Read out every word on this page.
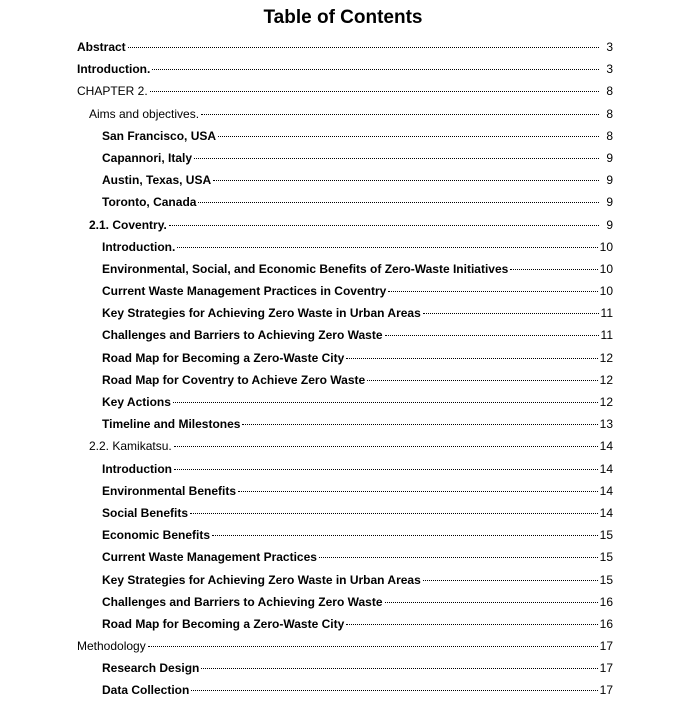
Table of Contents
Abstract	3
Introduction.	3
CHAPTER 2.	8
Aims and objectives.	8
San Francisco, USA	8
Capannori, Italy	9
Austin, Texas, USA	9
Toronto, Canada	9
2.1. Coventry.	9
Introduction.	10
Environmental, Social, and Economic Benefits of Zero-Waste Initiatives	10
Current Waste Management Practices in Coventry	10
Key Strategies for Achieving Zero Waste in Urban Areas	11
Challenges and Barriers to Achieving Zero Waste	11
Road Map for Becoming a Zero-Waste City	12
Road Map for Coventry to Achieve Zero Waste	12
Key Actions	12
Timeline and Milestones	13
2.2. Kamikatsu.	14
Introduction	14
Environmental Benefits	14
Social Benefits	14
Economic Benefits	15
Current Waste Management Practices	15
Key Strategies for Achieving Zero Waste in Urban Areas	15
Challenges and Barriers to Achieving Zero Waste	16
Road Map for Becoming a Zero-Waste City	16
Methodology	17
Research Design	17
Data Collection	17
